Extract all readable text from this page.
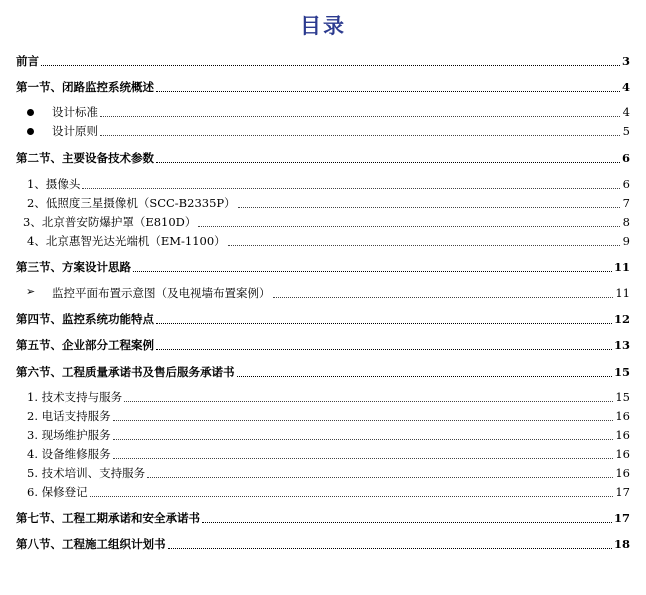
目录
前言	3
第一节、闭路监控系统概述	4
设计标准	4
设计原则	5
第二节、主要设备技术参数	6
1、摄像头	6
2、低照度三星摄像机（SCC-B2335P）	7
3、北京普安防爆护罩（E810D）	8
4、北京惠智光达光端机（EM-1100）	9
第三节、方案设计思路	11
➢ 监控平面布置示意图（及电视墙布置案例）	11
第四节、监控系统功能特点	12
第五节、企业部分工程案例	13
第六节、工程质量承诺书及售后服务承诺书	15
1. 技术支持与服务	15
2. 电话支持服务	16
3. 现场维护服务	16
4. 设备维修服务	16
5. 技术培训、支持服务	16
6. 保修登记	17
第七节、工程工期承诺和安全承诺书	17
第八节、工程施工组织计划书	18
